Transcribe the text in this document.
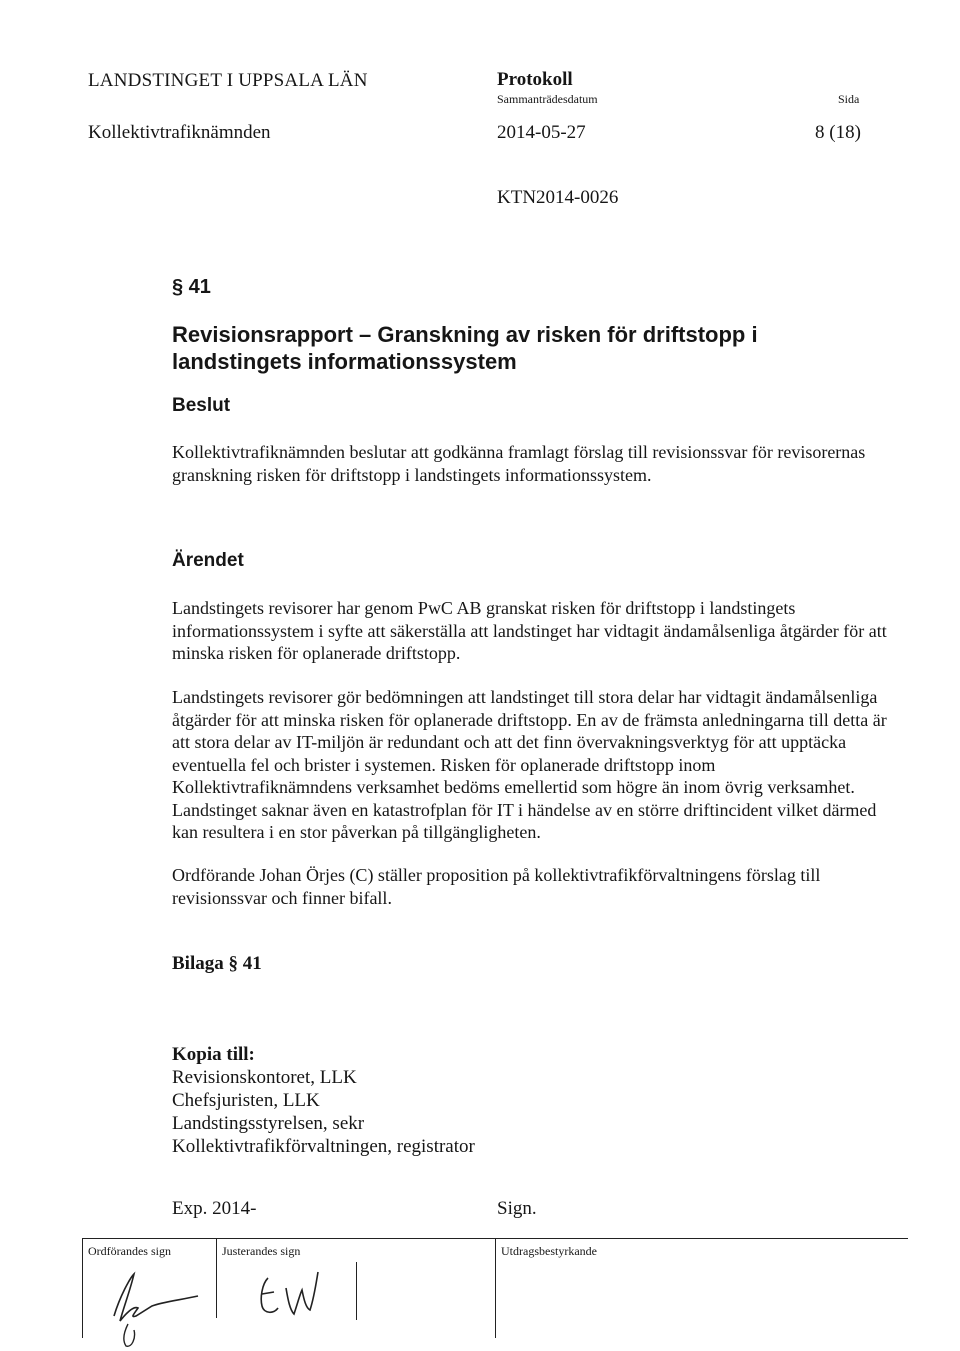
LANDSTINGET I UPPSALA LÄN	Protokoll
Sammanträdesdatum	Sida
Kollektivtrafiknämnden	2014-05-27	8 (18)
KTN2014-0026
§ 41
Revisionsrapport – Granskning av risken för driftstopp i landstingets informationssystem
Beslut

Kollektivtrafiknämnden beslutar att godkänna framlagt förslag till revisionssvar för revisorernas granskning risken för driftstopp i landstingets informationssystem.

Ärendet
Landstingets revisorer har genom PwC AB granskat risken för driftstopp i landstingets informationssystem i syfte att säkerställa att landstinget har vidtagit ändamålsenliga åtgärder för att minska risken för oplanerade driftstopp.
Landstingets revisorer gör bedömningen att landstinget till stora delar har vidtagit ändamålsenliga åtgärder för att minska risken för oplanerade driftstopp. En av de främsta anledningarna till detta är att stora delar av IT-miljön är redundant och att det finn övervakningsverktyg för att upptäcka eventuella fel och brister i systemen. Risken för oplanerade driftstopp inom Kollektivtrafiknämndens verksamhet bedöms emellertid som högre än inom övrig verksamhet. Landstinget saknar även en katastrofplan för IT i händelse av en större driftincident vilket därmed kan resultera i en stor påverkan på tillgängligheten.
Ordförande Johan Örjes (C) ställer proposition på kollektivtrafikförvaltningens förslag till revisionssvar och finner bifall.
Bilaga § 41
Kopia till:
Revisionskontoret, LLK
Chefsjuristen, LLK
Landstingsstyrelsen, sekr
Kollektivtrafikförvaltningen, registrator
Exp. 2014-	Sign.
Ordförandes sign	Justerandes sign	Utdragsbestyrkande
